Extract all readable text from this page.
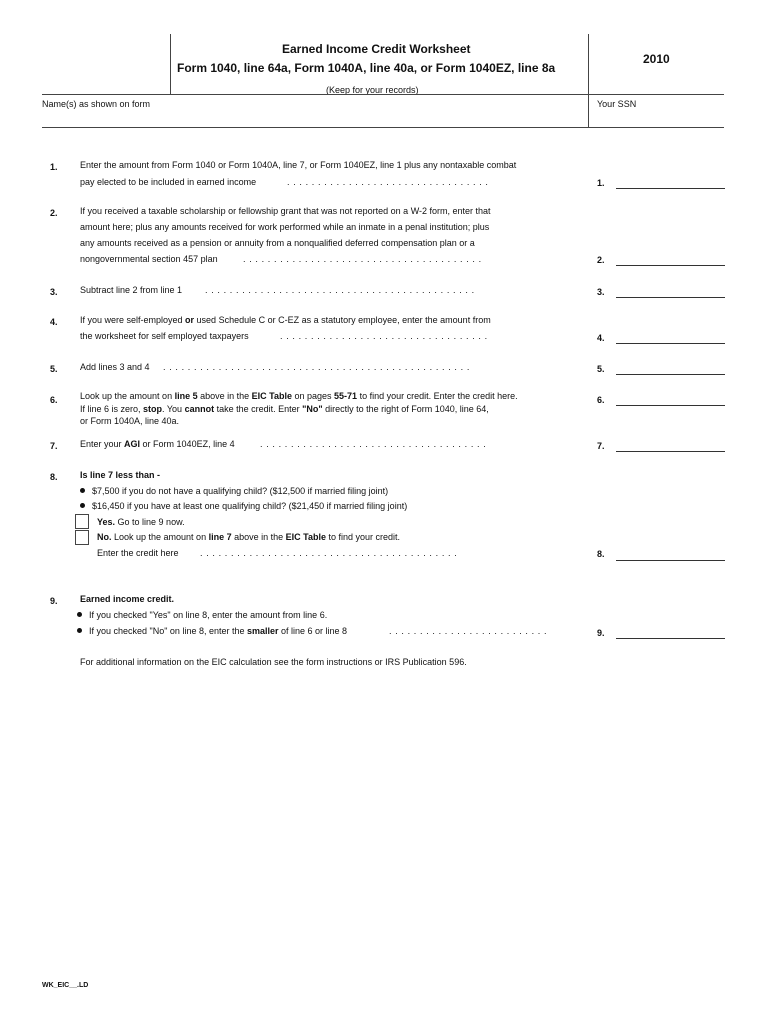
Earned Income Credit Worksheet
Form 1040, line 64a, Form 1040A, line 40a, or Form 1040EZ, line 8a
2010
(Keep for your records)
Name(s) as shown on form	Your SSN
1. Enter the amount from Form 1040 or Form 1040A, line 7, or Form 1040EZ, line 1 plus any nontaxable combat
pay elected to be included in earned income	.................................	1.
2. If you received a taxable scholarship or fellowship grant that was not reported on a W-2 form, enter that
amount here; plus any amounts received for work performed while an inmate in a penal institution; plus
any amounts received as a pension or annuity from a nonqualified deferred compensation plan or a
nongovernmental section 457 plan	.......................................	2.
3. Subtract line 2 from line 1	............................................	3.
4. If you were self-employed or used Schedule C or C-EZ as a statutory employee, enter the amount from
the worksheet for self employed taxpayers	..................................	4.
5. Add lines 3 and 4 ..................................................	5.
6. Look up the amount on line 5 above in the EIC Table on pages 55-71 to find your credit. Enter the credit here.
If line 6 is zero, stop. You cannot take the credit. Enter "No" directly to the right of Form 1040, line 64,
or Form 1040A, line 40a.
6.
7. Enter your AGI or Form 1040EZ, line 4	.....................................	7.
8. Is line 7 less than -
$7,500 if you do not have a qualifying child? ($12,500 if married filing joint)
$16,450 if you have at least one qualifying child? ($21,450 if married filing joint)
Yes. Go to line 9 now.
No. Look up the amount on line 7 above in the EIC Table to find your credit.
Enter the credit here ..........................................	8.
9. Earned income credit.
If you checked "Yes" on line 8, enter the amount from line 6.
If you checked "No" on line 8, enter the smaller of line 6 or line 8	..........................	9.
For additional information on the EIC calculation see the form instructions or IRS Publication 596.
WK_EIC__.LD
